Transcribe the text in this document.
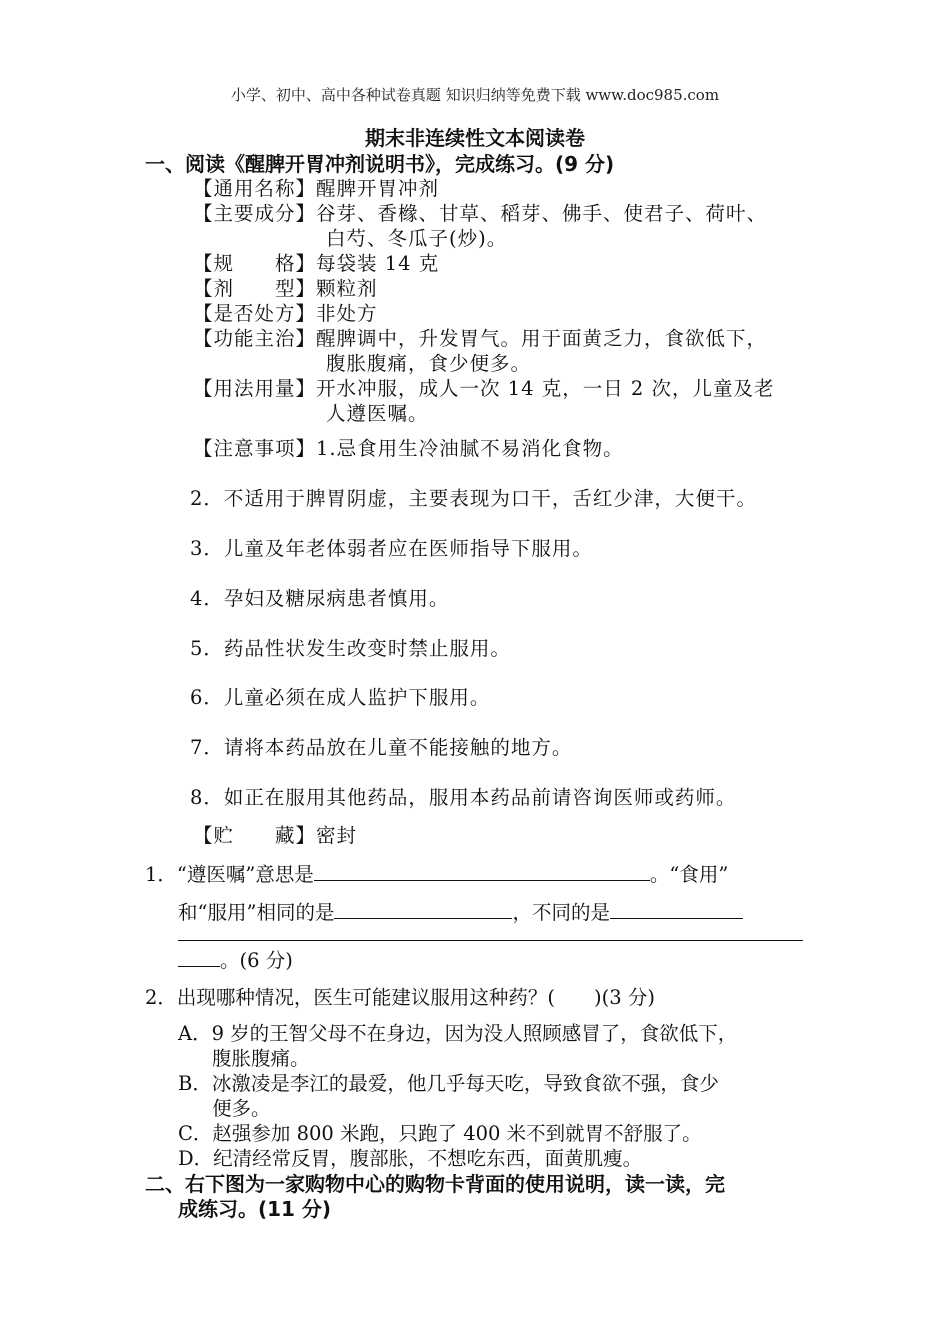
小学、初中、高中各种试卷真题 知识归纳等免费下载 www.doc985.com
期末非连续性文本阅读卷
一、阅读《醒脾开胃冲剂说明书》，完成练习。(9 分)
【通用名称】醒脾开胃冲剂
【主要成分】谷芽、香橼、甘草、稻芽、佛手、使君子、荷叶、
白芍、冬瓜子(炒)。
【规　　格】每袋装 14 克
【剂　　型】颗粒剂
【是否处方】非处方
【功能主治】醒脾调中，升发胃气。用于面黄乏力，食欲低下，
腹胀腹痛，食少便多。
【用法用量】开水冲服，成人一次 14 克，一日 2 次，儿童及老
人遵医嘱。
【注意事项】1.忌食用生冷油腻不易消化食物。
2．不适用于脾胃阴虚，主要表现为口干，舌红少津，大便干。
3．儿童及年老体弱者应在医师指导下服用。
4．孕妇及糖尿病患者慎用。
5．药品性状发生改变时禁止服用。
6．儿童必须在成人监护下服用。
7．请将本药品放在儿童不能接触的地方。
8．如正在服用其他药品，服用本药品前请咨询医师或药师。
【贮　　藏】密封
1．“遵医嘱”意思是	。“食用”
和“服用”相同的是	，不同的是
。(6 分)
2．出现哪种情况，医生可能建议服用这种药？(　　)(3 分)
A．9 岁的王智父母不在身边，因为没人照顾感冒了，食欲低下，
腹胀腹痛。
B．冰激凌是李江的最爱，他几乎每天吃，导致食欲不强，食少
便多。
C．赵强参加 800 米跑，只跑了 400 米不到就胃不舒服了。
D．纪清经常反胃，腹部胀，不想吃东西，面黄肌瘦。
二、右下图为一家购物中心的购物卡背面的使用说明，读一读，完
成练习。(11 分)
